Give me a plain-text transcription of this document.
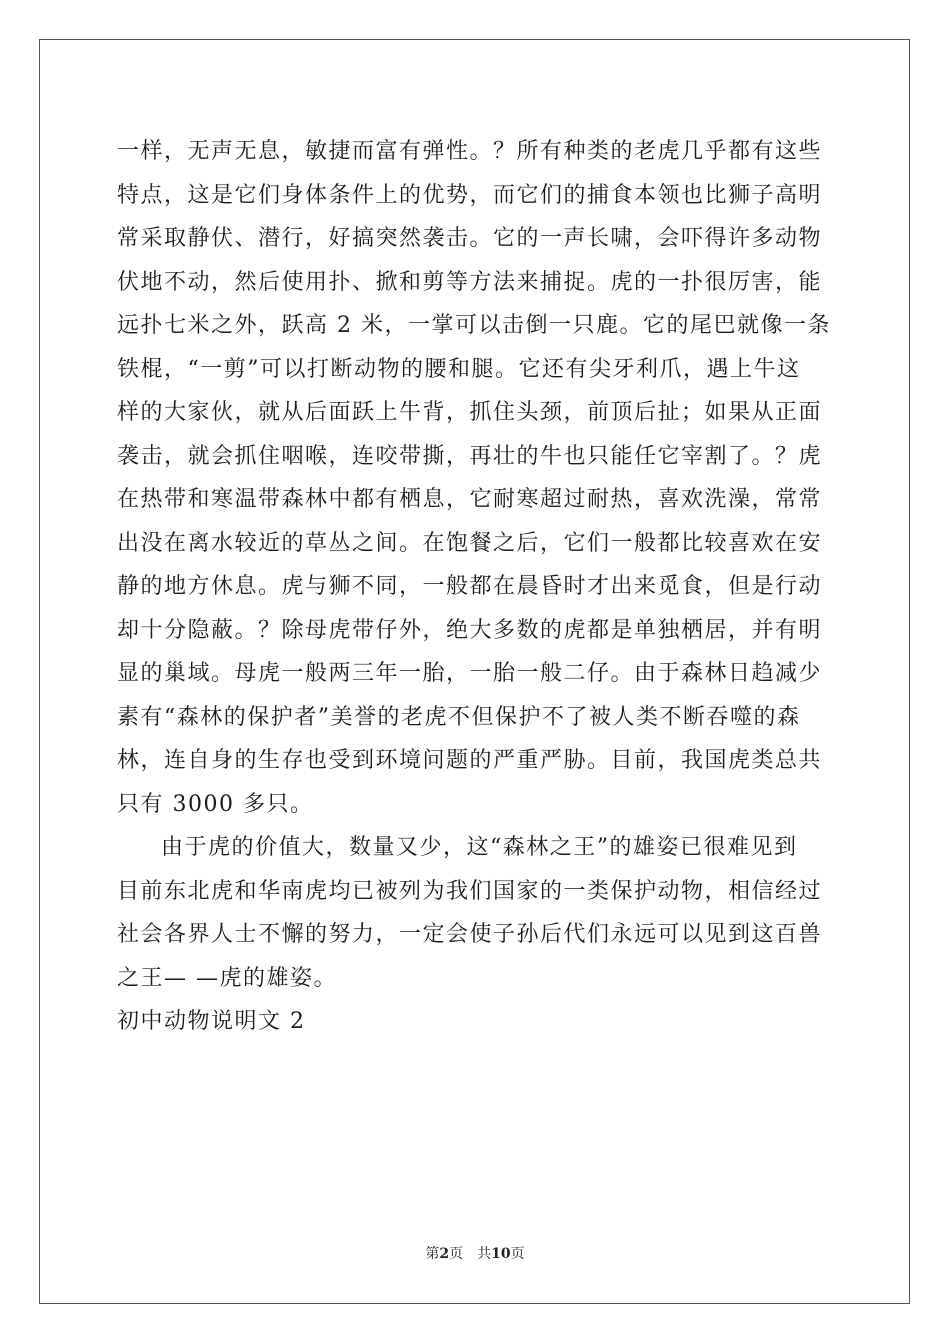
一样，无声无息，敏捷而富有弹性。？所有种类的老虎几乎都有这些
特点，这是它们身体条件上的优势，而它们的捕食本领也比狮子高明
常采取静伏、潜行，好搞突然袭击。它的一声长啸，会吓得许多动物
伏地不动，然后使用扑、掀和剪等方法来捕捉。虎的一扑很厉害，能
远扑七米之外，跃高 2 米，一掌可以击倒一只鹿。它的尾巴就像一条
铁棍，“一剪”可以打断动物的腰和腿。它还有尖牙利爪，遇上牛这
样的大家伙，就从后面跃上牛背，抓住头颈，前顶后扯；如果从正面
袭击，就会抓住咽喉，连咬带撕，再壮的牛也只能任它宰割了。？虎
在热带和寒温带森林中都有栖息，它耐寒超过耐热，喜欢洗澡，常常
出没在离水较近的草丛之间。在饱餐之后，它们一般都比较喜欢在安
静的地方休息。虎与狮不同，一般都在晨昏时才出来觅食，但是行动
却十分隐蔽。？除母虎带仔外，绝大多数的虎都是单独栖居，并有明
显的巢域。母虎一般两三年一胎，一胎一般二仔。由于森林日趋减少
素有“森林的保护者”美誉的老虎不但保护不了被人类不断吞噬的森
林，连自身的生存也受到环境问题的严重严胁。目前，我国虎类总共
只有 3000 多只。
由于虎的价值大，数量又少，这“森林之王”的雄姿已很难见到
目前东北虎和华南虎均已被列为我们国家的一类保护动物，相信经过
社会各界人士不懈的努力，一定会使子孙后代们永远可以见到这百兽
之王— —虎的雄姿。
初中动物说明文 2
第2页 共10页
